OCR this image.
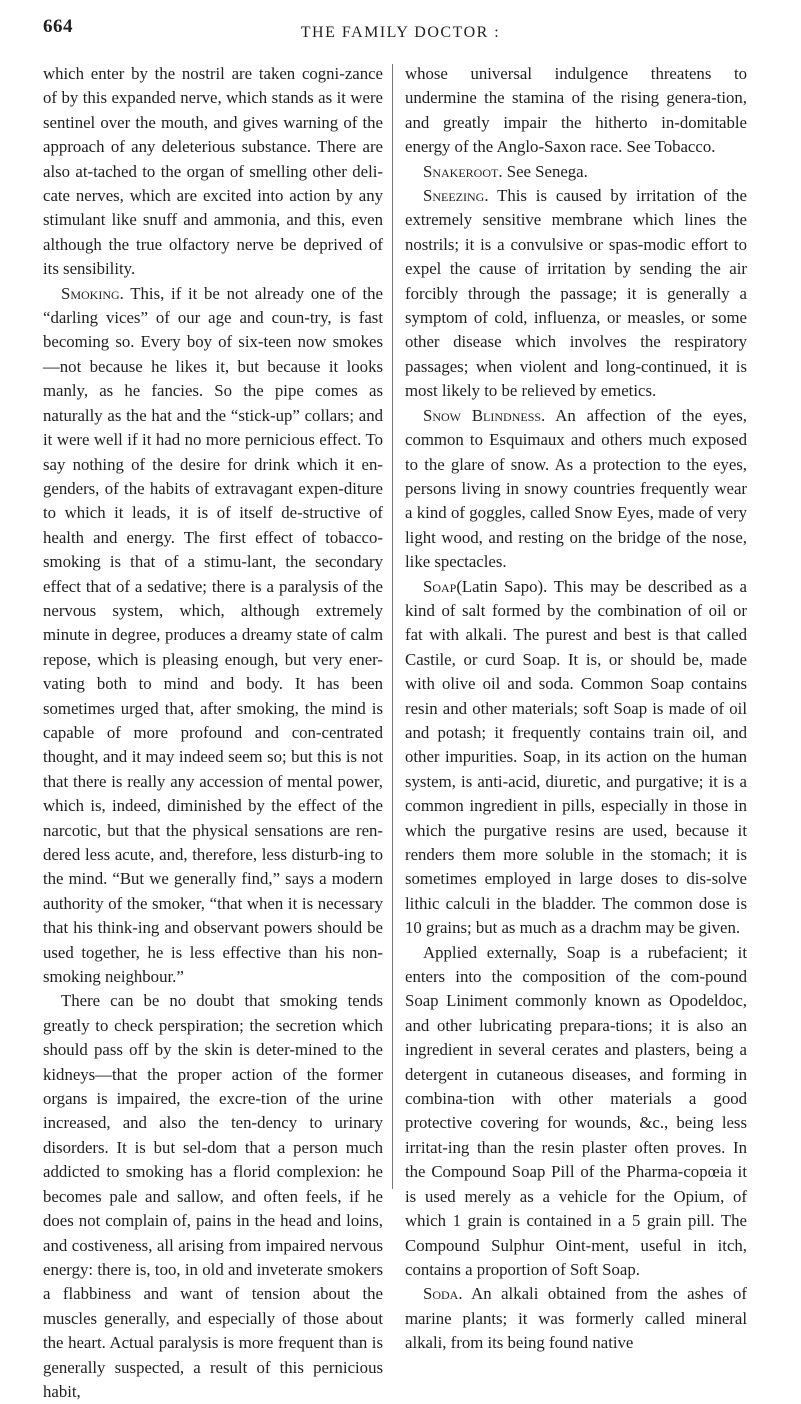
664	THE FAMILY DOCTOR :

which enter by the nostril are taken cogni-zance of by this expanded nerve, which stands as it were sentinel over the mouth, and gives warning of the approach of any deleterious substance. There are also at-tached to the organ of smelling other deli-cate nerves, which are excited into action by any stimulant like snuff and ammonia, and this, even although the true olfactory nerve be deprived of its sensibility.

Smoking. This, if it be not already one of the “darling vices” of our age and coun-try, is fast becoming so. Every boy of six-teen now smokes—not because he likes it, but because it looks manly, as he fancies. So the pipe comes as naturally as the hat and the “stick-up” collars; and it were well if it had no more pernicious effect. To say nothing of the desire for drink which it en-genders, of the habits of extravagant expen-diture to which it leads, it is of itself de-structive of health and energy. The first effect of tobacco-smoking is that of a stimu-lant, the secondary effect that of a sedative; there is a paralysis of the nervous system, which, although extremely minute in degree, produces a dreamy state of calm repose, which is pleasing enough, but very ener-vating both to mind and body. It has been sometimes urged that, after smoking, the mind is capable of more profound and con-centrated thought, and it may indeed seem so; but this is not that there is really any accession of mental power, which is, indeed, diminished by the effect of the narcotic, but that the physical sensations are ren-dered less acute, and, therefore, less disturb-ing to the mind. “But we generally find,” says a modern authority of the smoker, “that when it is necessary that his think-ing and observant powers should be used together, he is less effective than his non-smoking neighbour.”

There can be no doubt that smoking tends greatly to check perspiration; the secretion which should pass off by the skin is deter-mined to the kidneys—that the proper action of the former organs is impaired, the excre-tion of the urine increased, and also the ten-dency to urinary disorders. It is but sel-dom that a person much addicted to smoking has a florid complexion: he becomes pale and sallow, and often feels, if he does not complain of, pains in the head and loins, and costiveness, all arising from impaired nervous energy: there is, too, in old and inveterate smokers a flabbiness and want of tension about the muscles generally, and especially of those about the heart. Actual paralysis is more frequent than is generally suspected, a result of this pernicious habit,

whose universal indulgence threatens to undermine the stamina of the rising genera-tion, and greatly impair the hitherto in-domitable energy of the Anglo-Saxon race. See Tobacco.

Snakeroot. See Senega.

Sneezing. This is caused by irritation of the extremely sensitive membrane which lines the nostrils; it is a convulsive or spas-modic effort to expel the cause of irritation by sending the air forcibly through the passage; it is generally a symptom of cold, influenza, or measles, or some other disease which involves the respiratory passages; when violent and long-continued, it is most likely to be relieved by emetics.

Snow Blindness. An affection of the eyes, common to Esquimaux and others much exposed to the glare of snow. As a protection to the eyes, persons living in snowy countries frequently wear a kind of goggles, called Snow Eyes, made of very light wood, and resting on the bridge of the nose, like spectacles.

Soap(Latin Sapo). This may be described as a kind of salt formed by the combination of oil or fat with alkali. The purest and best is that called Castile, or curd Soap. It is, or should be, made with olive oil and soda. Common Soap contains resin and other materials; soft Soap is made of oil and potash; it frequently contains train oil, and other impurities. Soap, in its action on the human system, is anti-acid, diuretic, and purgative; it is a common ingredient in pills, especially in those in which the purgative resins are used, because it renders them more soluble in the stomach; it is sometimes employed in large doses to dis-solve lithic calculi in the bladder. The common dose is 10 grains; but as much as a drachm may be given.

Applied externally, Soap is a rubefacient; it enters into the composition of the com-pound Soap Liniment commonly known as Opodeldoc, and other lubricating prepara-tions; it is also an ingredient in several cerates and plasters, being a detergent in cutaneous diseases, and forming in combina-tion with other materials a good protective covering for wounds, &c., being less irritat-ing than the resin plaster often proves. In the Compound Soap Pill of the Pharma-copœia it is used merely as a vehicle for the Opium, of which 1 grain is contained in a 5 grain pill. The Compound Sulphur Oint-ment, useful in itch, contains a proportion of Soft Soap.

Soda. An alkali obtained from the ashes of marine plants; it was formerly called mineral alkali, from its being found native
